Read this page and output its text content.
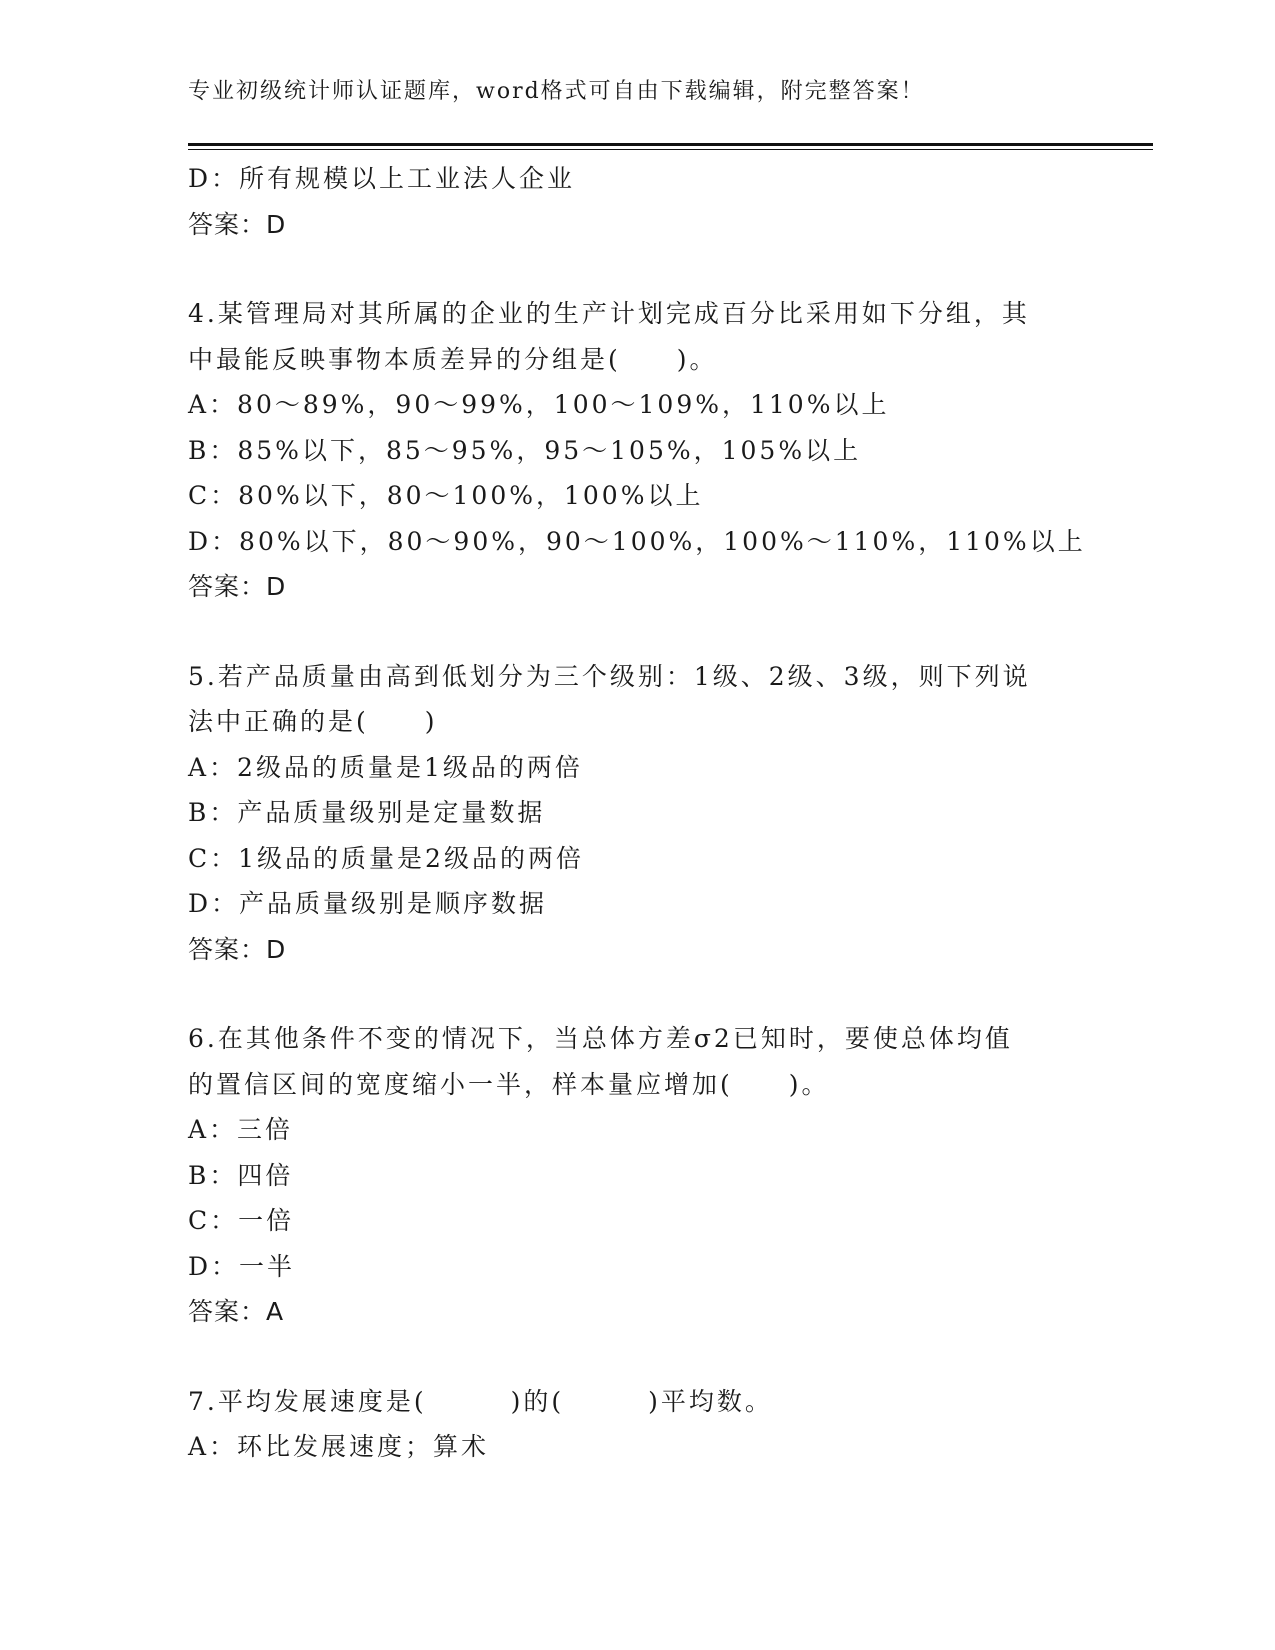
专业初级统计师认证题库，word格式可自由下载编辑，附完整答案！
D：所有规模以上工业法人企业
答案：D
4.某管理局对其所属的企业的生产计划完成百分比采用如下分组，其
中最能反映事物本质差异的分组是(　　)。
A：80～89%，90～99%，100～109%，110%以上
B：85%以下，85～95%，95～105%，105%以上
C：80%以下，80～100%，100%以上
D：80%以下，80～90%，90～100%，100%～110%，110%以上
答案：D
5.若产品质量由高到低划分为三个级别：1级、2级、3级，则下列说
法中正确的是(　　)
A：2级品的质量是1级品的两倍
B：产品质量级别是定量数据
C：1级品的质量是2级品的两倍
D：产品质量级别是顺序数据
答案：D
6.在其他条件不变的情况下，当总体方差σ2已知时，要使总体均值
的置信区间的宽度缩小一半，样本量应增加(　　)。
A：三倍
B：四倍
C：一倍
D：一半
答案：A
7.平均发展速度是(　　　)的(　　　)平均数。
A：环比发展速度；算术
